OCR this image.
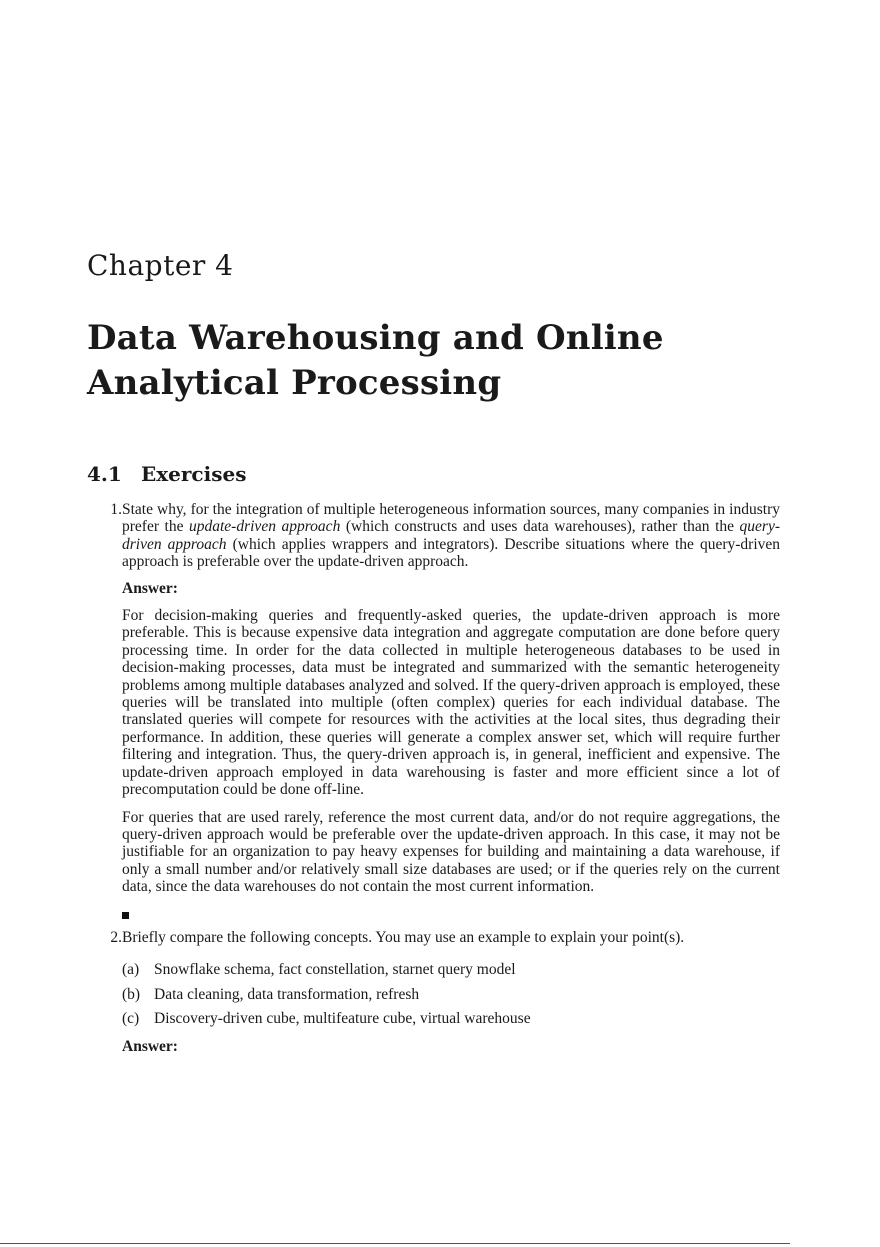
Chapter 4
Data Warehousing and Online
Analytical Processing
4.1 Exercises
1. State why, for the integration of multiple heterogeneous information sources, many companies in industry prefer the update-driven approach (which constructs and uses data warehouses), rather than the query-driven approach (which applies wrappers and integrators). Describe situations where the query-driven approach is preferable over the update-driven approach.

Answer:

For decision-making queries and frequently-asked queries, the update-driven approach is more preferable. This is because expensive data integration and aggregate computation are done before query processing time. In order for the data collected in multiple heterogeneous databases to be used in decision-making processes, data must be integrated and summarized with the semantic heterogeneity problems among multiple databases analyzed and solved. If the query-driven approach is employed, these queries will be translated into multiple (often complex) queries for each individual database. The translated queries will compete for resources with the activities at the local sites, thus degrading their performance. In addition, these queries will generate a complex answer set, which will require further filtering and integration. Thus, the query-driven approach is, in general, inefficient and expensive. The update-driven approach employed in data warehousing is faster and more efficient since a lot of precomputation could be done off-line.

For queries that are used rarely, reference the most current data, and/or do not require aggregations, the query-driven approach would be preferable over the update-driven approach. In this case, it may not be justifiable for an organization to pay heavy expenses for building and maintaining a data warehouse, if only a small number and/or relatively small size databases are used; or if the queries rely on the current data, since the data warehouses do not contain the most current information.

2. Briefly compare the following concepts. You may use an example to explain your point(s).

(a) Snowflake schema, fact constellation, starnet query model

(b) Data cleaning, data transformation, refresh

(c) Discovery-driven cube, multifeature cube, virtual warehouse

Answer:
